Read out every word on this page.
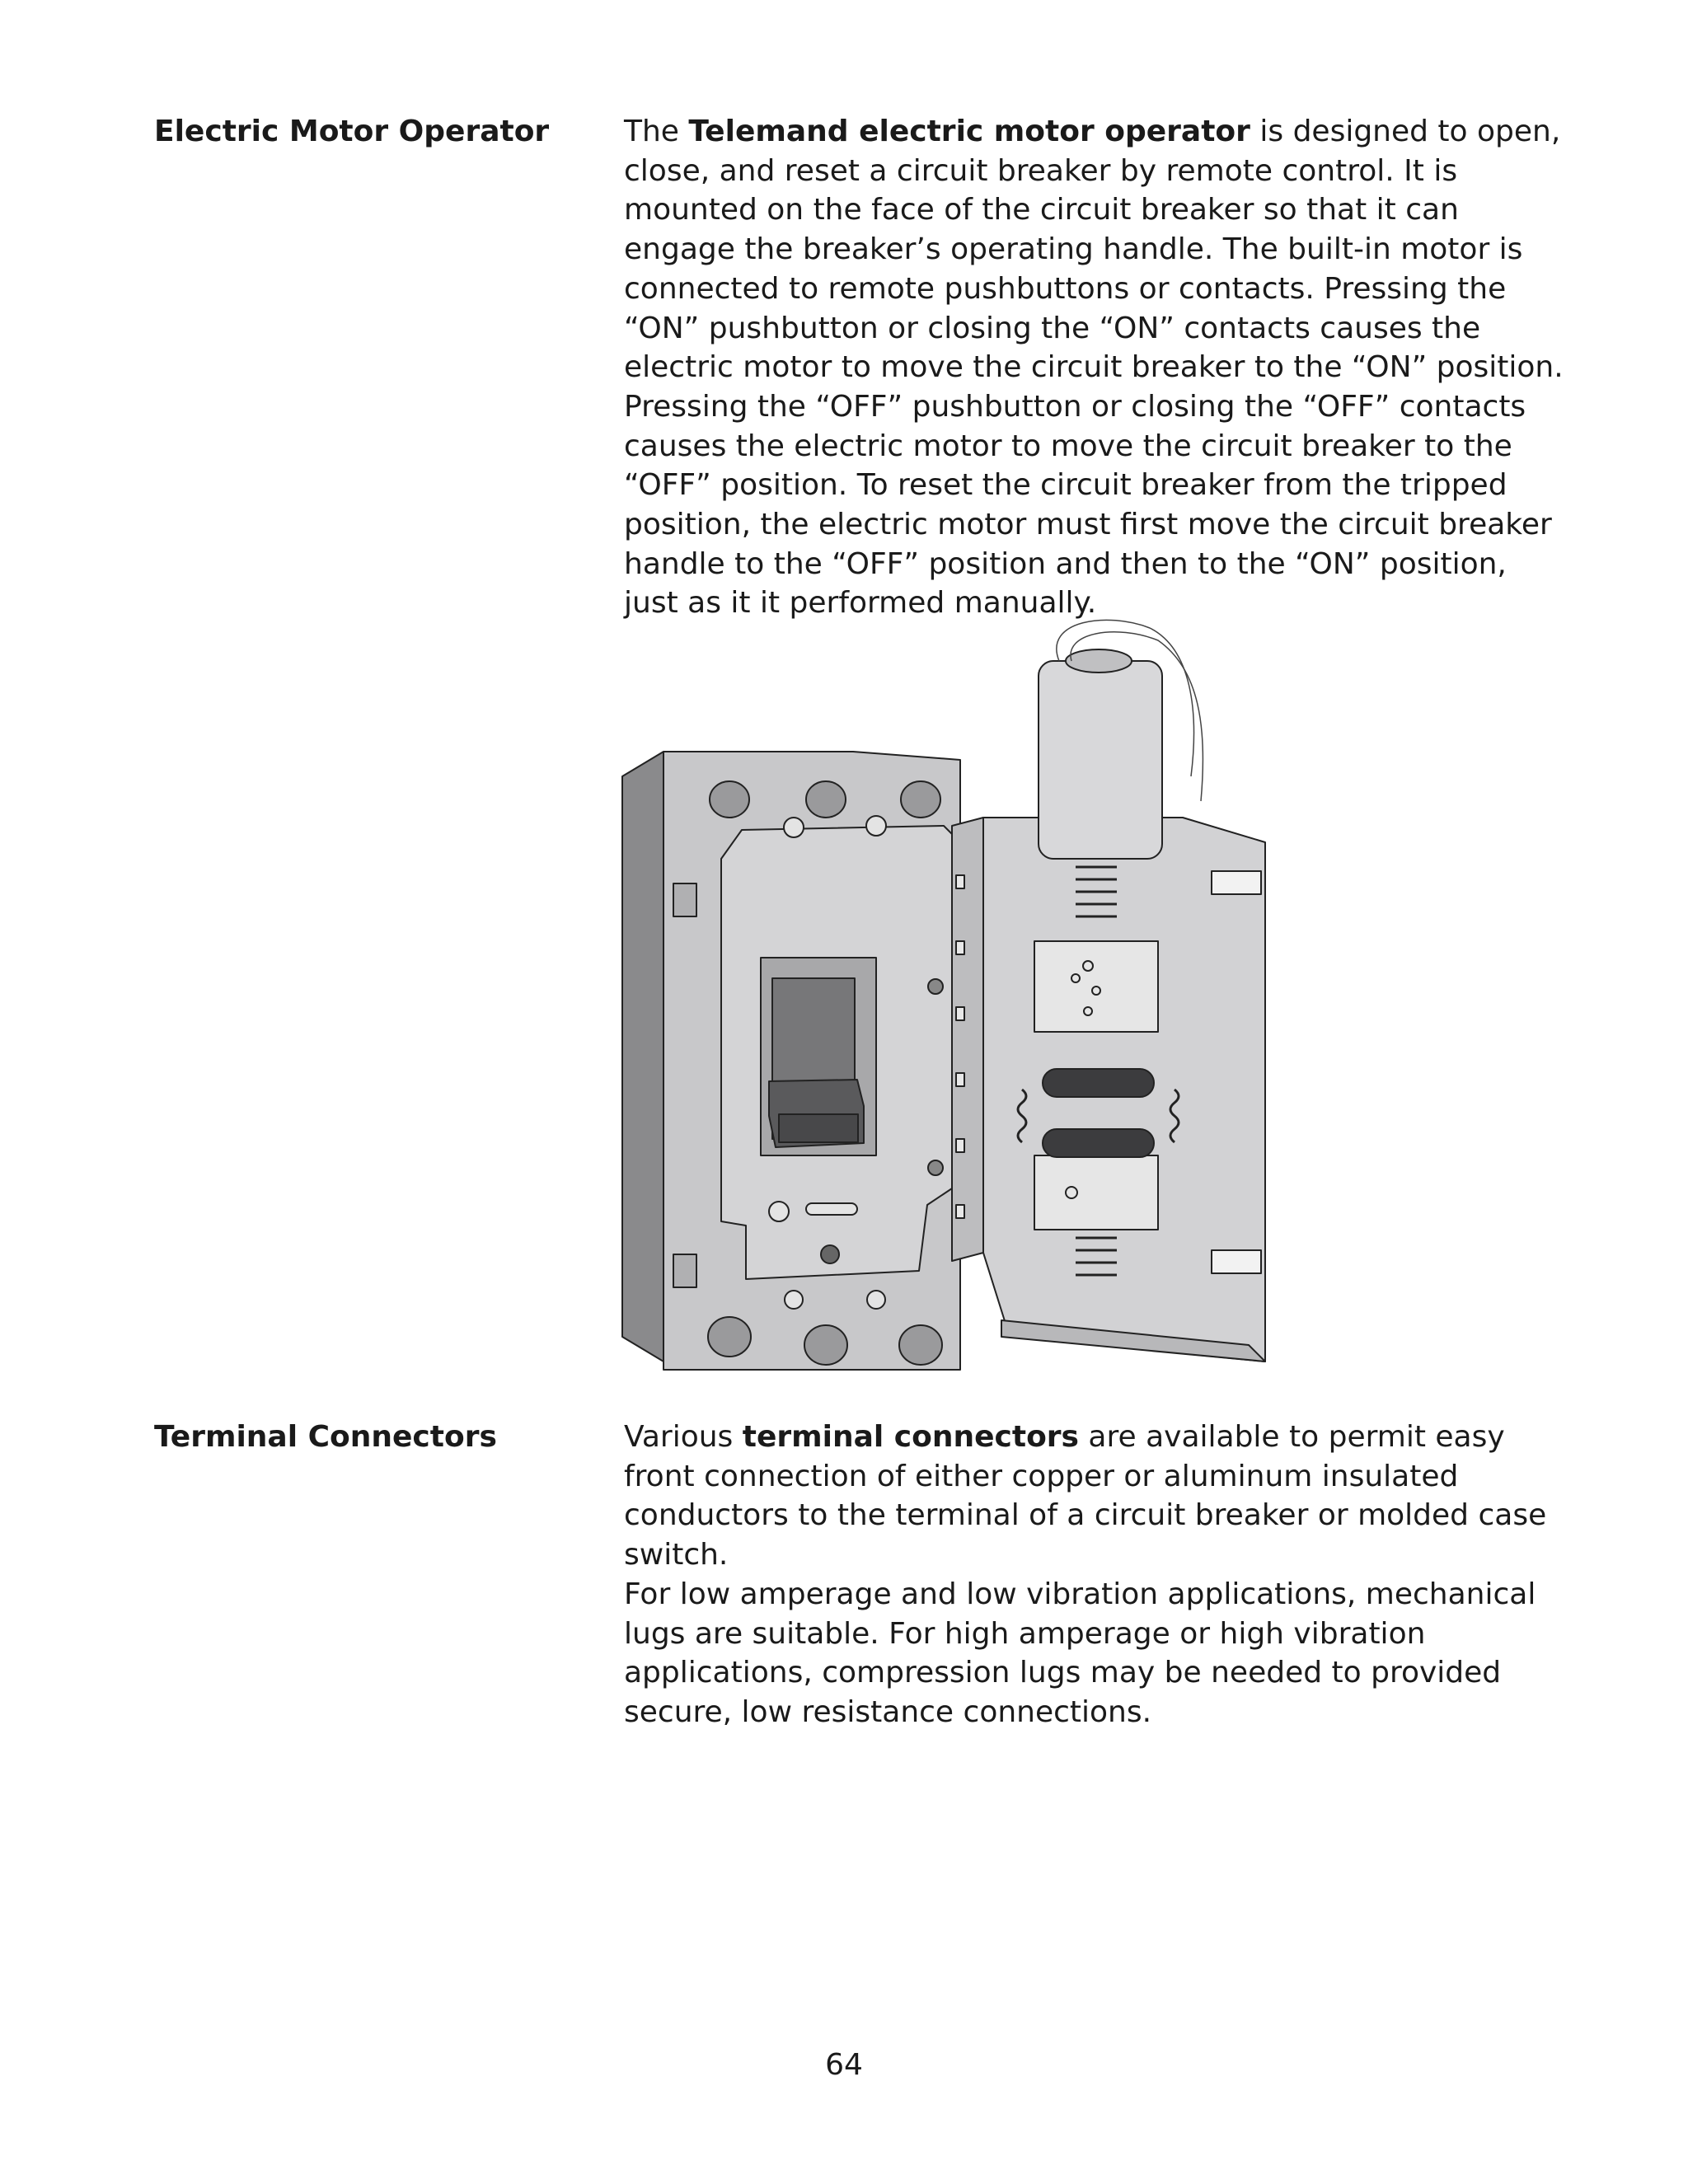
Electric Motor Operator	The Telemand electric motor operator is designed to open, close, and reset a circuit breaker by remote control. It is mounted on the face of the circuit breaker so that it can engage the breaker’s operating handle. The built-in motor is connected to remote pushbuttons or contacts. Pressing the “ON” pushbutton or closing the “ON” contacts causes the electric motor to move the circuit breaker to the “ON” position. Pressing the “OFF” pushbutton or closing the “OFF” contacts causes the electric motor to move the circuit breaker to the “OFF” position. To reset the circuit breaker from the tripped position, the electric motor must first move the circuit breaker handle to the “OFF” position and then to the “ON” position, just as it it performed manually.

Terminal Connectors	Various terminal connectors are available to permit easy front connection of either copper or aluminum insulated conductors to the terminal of a circuit breaker or molded case switch.

For low amperage and low vibration applications, mechanical lugs are suitable. For high amperage or high vibration applications, compression lugs may be needed to provided secure, low resistance connections.

64
